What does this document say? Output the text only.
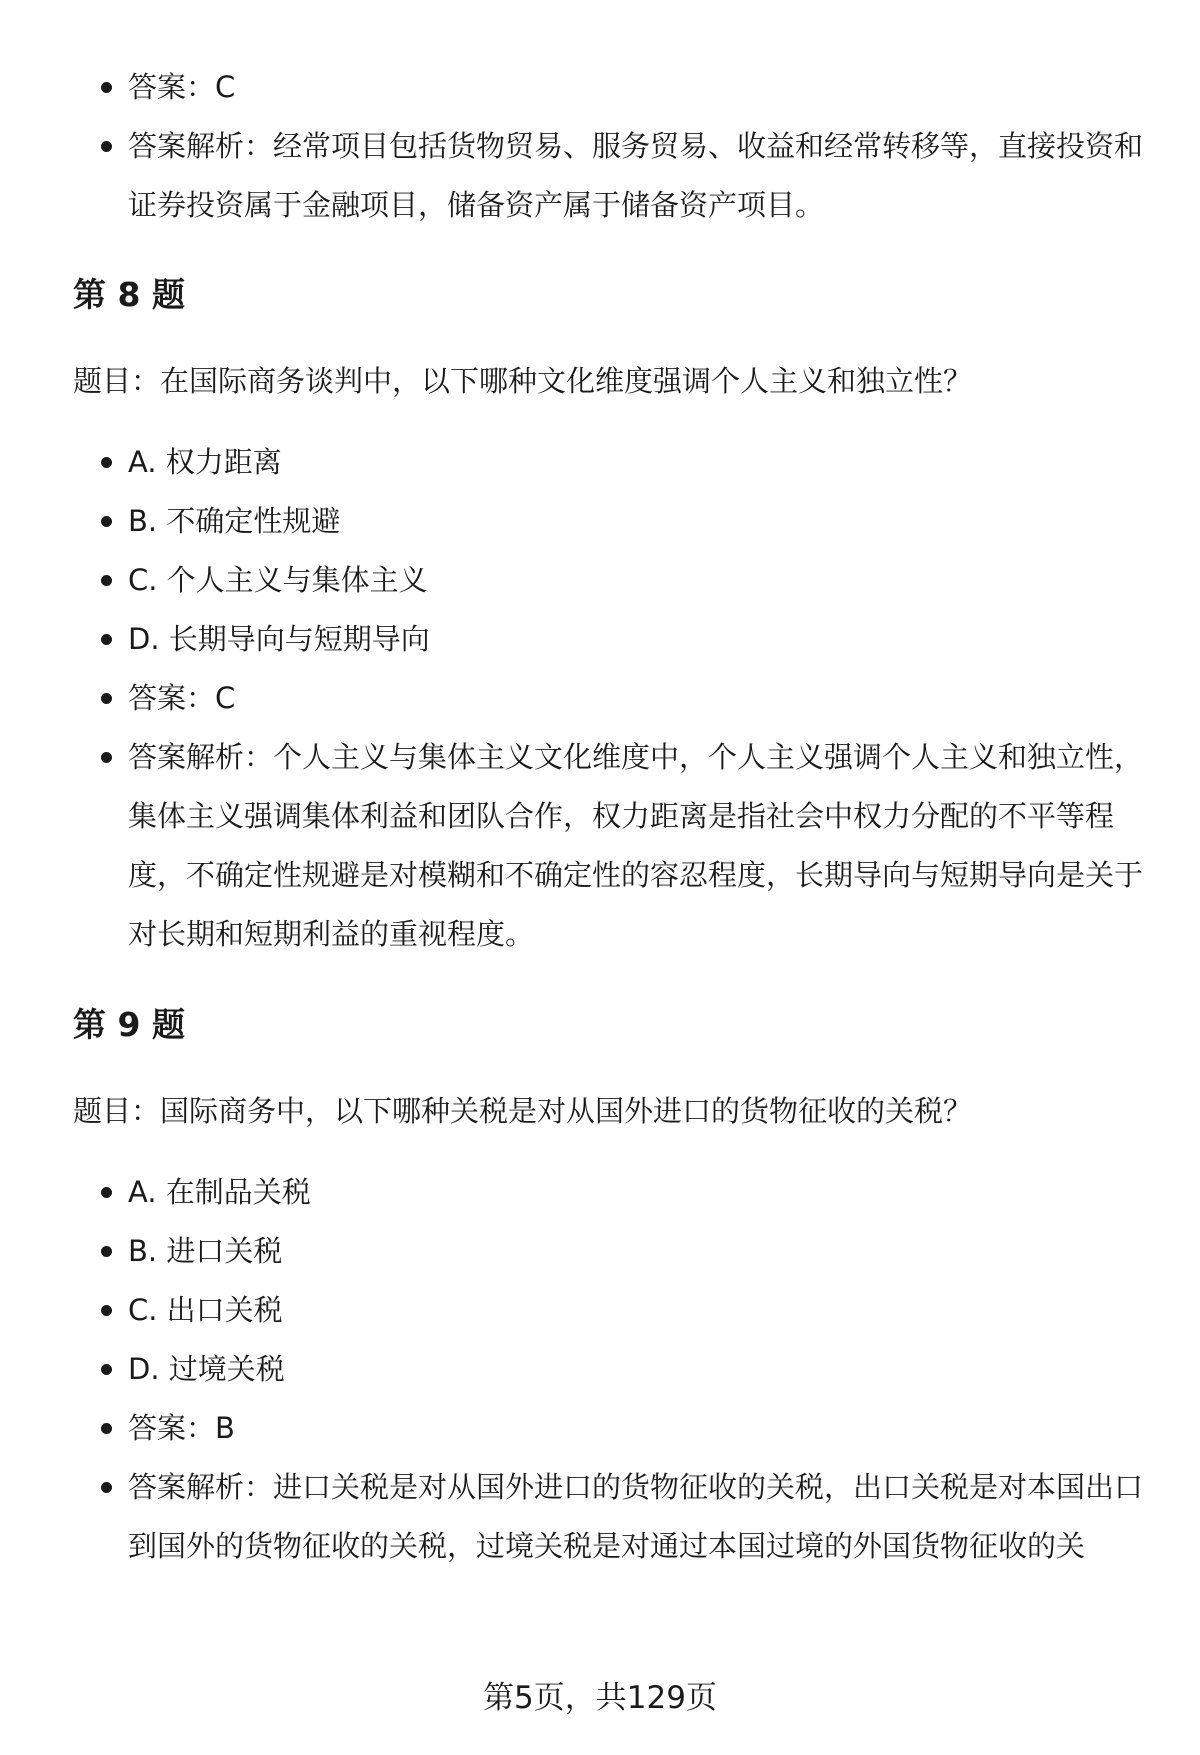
答案：C
答案解析：经常项目包括货物贸易、服务贸易、收益和经常转移等，直接投资和证券投资属于金融项目，储备资产属于储备资产项目。
第 8 题

题目：在国际商务谈判中，以下哪种文化维度强调个人主义和独立性？

A. 权力距离
B. 不确定性规避
C. 个人主义与集体主义
D. 长期导向与短期导向
答案：C
答案解析：个人主义与集体主义文化维度中，个人主义强调个人主义和独立性，集体主义强调集体利益和团队合作，权力距离是指社会中权力分配的不平等程度，不确定性规避是对模糊和不确定性的容忍程度，长期导向与短期导向是关于对长期和短期利益的重视程度。
第 9 题

题目：国际商务中，以下哪种关税是对从国外进口的货物征收的关税？

A. 在制品关税
B. 进口关税
C. 出口关税
D. 过境关税
答案：B
答案解析：进口关税是对从国外进口的货物征收的关税，出口关税是对本国出口到国外的货物征收的关税，过境关税是对通过本国过境的外国货物征收的关
第5页，共129页
